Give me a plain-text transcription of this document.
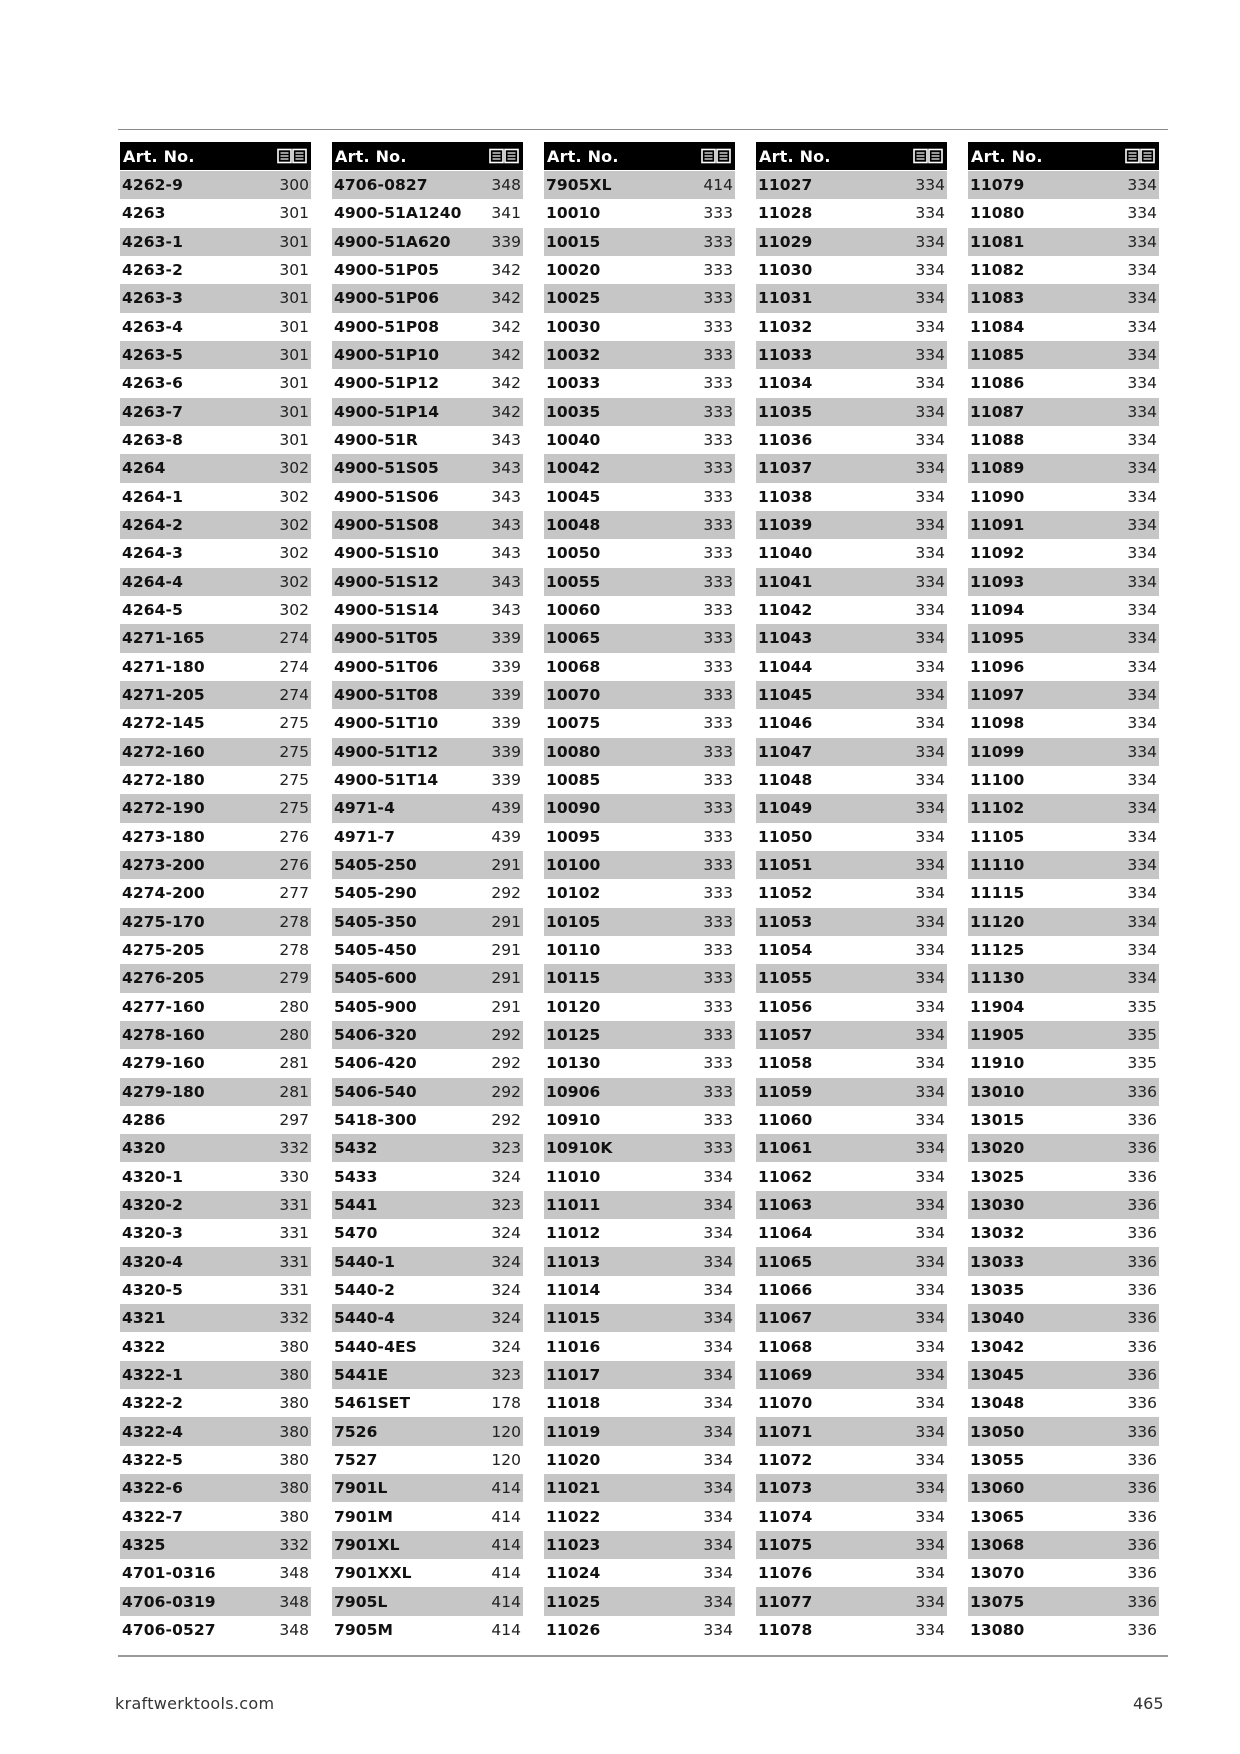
Art. No.
4262-9	300
4263	301
4263-1	301
4263-2	301
4263-3	301
4263-4	301
4263-5	301
4263-6	301
4263-7	301
4263-8	301
4264	302
4264-1	302
4264-2	302
4264-3	302
4264-4	302
4264-5	302
4271-165	274
4271-180	274
4271-205	274
4272-145	275
4272-160	275
4272-180	275
4272-190	275
4273-180	276
4273-200	276
4274-200	277
4275-170	278
4275-205	278
4276-205	279
4277-160	280
4278-160	280
4279-160	281
4279-180	281
4286	297
4320	332
4320-1	330
4320-2	331
4320-3	331
4320-4	331
4320-5	331
4321	332
4322	380
4322-1	380
4322-2	380
4322-4	380
4322-5	380
4322-6	380
4322-7	380
4325	332
4701-0316	348
4706-0319	348
4706-0527	348
Art. No.
4706-0827	348
4900-51A1240 341
4900-51A620	339
4900-51P05	342
4900-51P06	342
4900-51P08	342
4900-51P10	342
4900-51P12	342
4900-51P14	342
4900-51R	343
4900-51S05	343
4900-51S06	343
4900-51S08	343
4900-51S10	343
4900-51S12	343
4900-51S14	343
4900-51T05	339
4900-51T06	339
4900-51T08	339
4900-51T10	339
4900-51T12	339
4900-51T14	339
4971-4	439
4971-7	439
5405-250	291
5405-290	292
5405-350	291
5405-450	291
5405-600	291
5405-900	291
5406-320	292
5406-420	292
5406-540	292
5418-300	292
5432	323
5433	324
5441	323
5470	324
5440-1	324
5440-2	324
5440-4	324
5440-4ES	324
5441E	323
5461SET	178
7526	120
7527	120
7901L	414
7901M	414
7901XL	414
7901XXL	414
7905L	414
7905M	414
Art. No.
7905XL	414
10010	333
10015	333
10020	333
10025	333
10030	333
10032	333
10033	333
10035	333
10040	333
10042	333
10045	333
10048	333
10050	333
10055	333
10060	333
10065	333
10068	333
10070	333
10075	333
10080	333
10085	333
10090	333
10095	333
10100	333
10102	333
10105	333
10110	333
10115	333
10120	333
10125	333
10130	333
10906	333
10910	333
10910K	333
11010	334
11011	334
11012	334
11013	334
11014	334
11015	334
11016	334
11017	334
11018	334
11019	334
11020	334
11021	334
11022	334
11023	334
11024	334
11025	334
11026	334
Art. No.
11027	334
11028	334
11029	334
11030	334
11031	334
11032	334
11033	334
11034	334
11035	334
11036	334
11037	334
11038	334
11039	334
11040	334
11041	334
11042	334
11043	334
11044	334
11045	334
11046	334
11047	334
11048	334
11049	334
11050	334
11051	334
11052	334
11053	334
11054	334
11055	334
11056	334
11057	334
11058	334
11059	334
11060	334
11061	334
11062	334
11063	334
11064	334
11065	334
11066	334
11067	334
11068	334
11069	334
11070	334
11071	334
11072	334
11073	334
11074	334
11075	334
11076	334
11077	334
11078	334
Art. No.
11079	334
11080	334
11081	334
11082	334
11083	334
11084	334
11085	334
11086	334
11087	334
11088	334
11089	334
11090	334
11091	334
11092	334
11093	334
11094	334
11095	334
11096	334
11097	334
11098	334
11099	334
11100	334
11102	334
11105	334
11110	334
11115	334
11120	334
11125	334
11130	334
11904	335
11905	335
11910	335
13010	336
13015	336
13020	336
13025	336
13030	336
13032	336
13033	336
13035	336
13040	336
13042	336
13045	336
13048	336
13050	336
13055	336
13060	336
13065	336
13068	336
13070	336
13075	336
13080	336
kraftwerktools.com	465
